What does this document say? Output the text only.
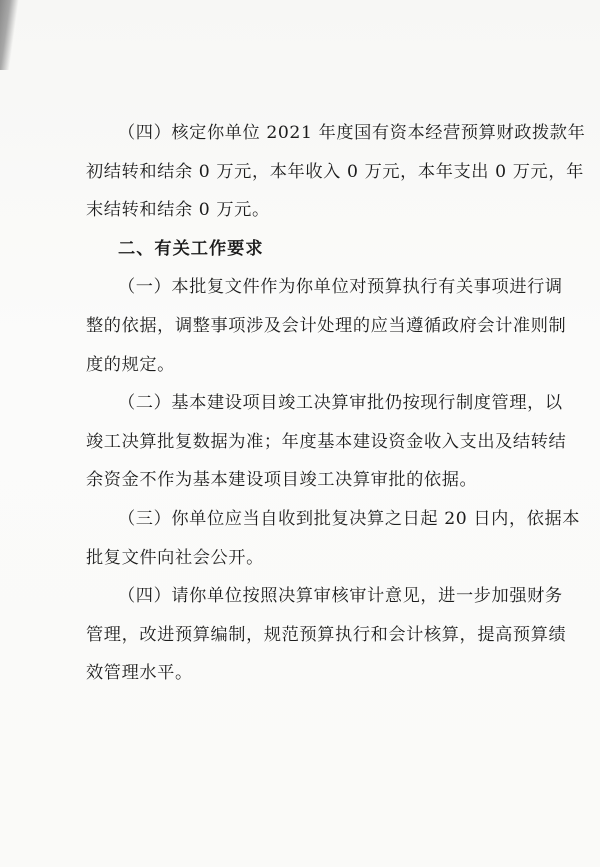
（四）核定你单位 2021 年度国有资本经营预算财政拨款年
初结转和结余 0 万元，本年收入 0 万元，本年支出 0 万元，年
末结转和结余 0 万元。

二、有关工作要求

（一）本批复文件作为你单位对预算执行有关事项进行调
整的依据，调整事项涉及会计处理的应当遵循政府会计准则制
度的规定。

（二）基本建设项目竣工决算审批仍按现行制度管理，以
竣工决算批复数据为准；年度基本建设资金收入支出及结转结
余资金不作为基本建设项目竣工决算审批的依据。

（三）你单位应当自收到批复决算之日起 20 日内，依据本
批复文件向社会公开。

（四）请你单位按照决算审核审计意见，进一步加强财务
管理，改进预算编制，规范预算执行和会计核算，提高预算绩
效管理水平。
